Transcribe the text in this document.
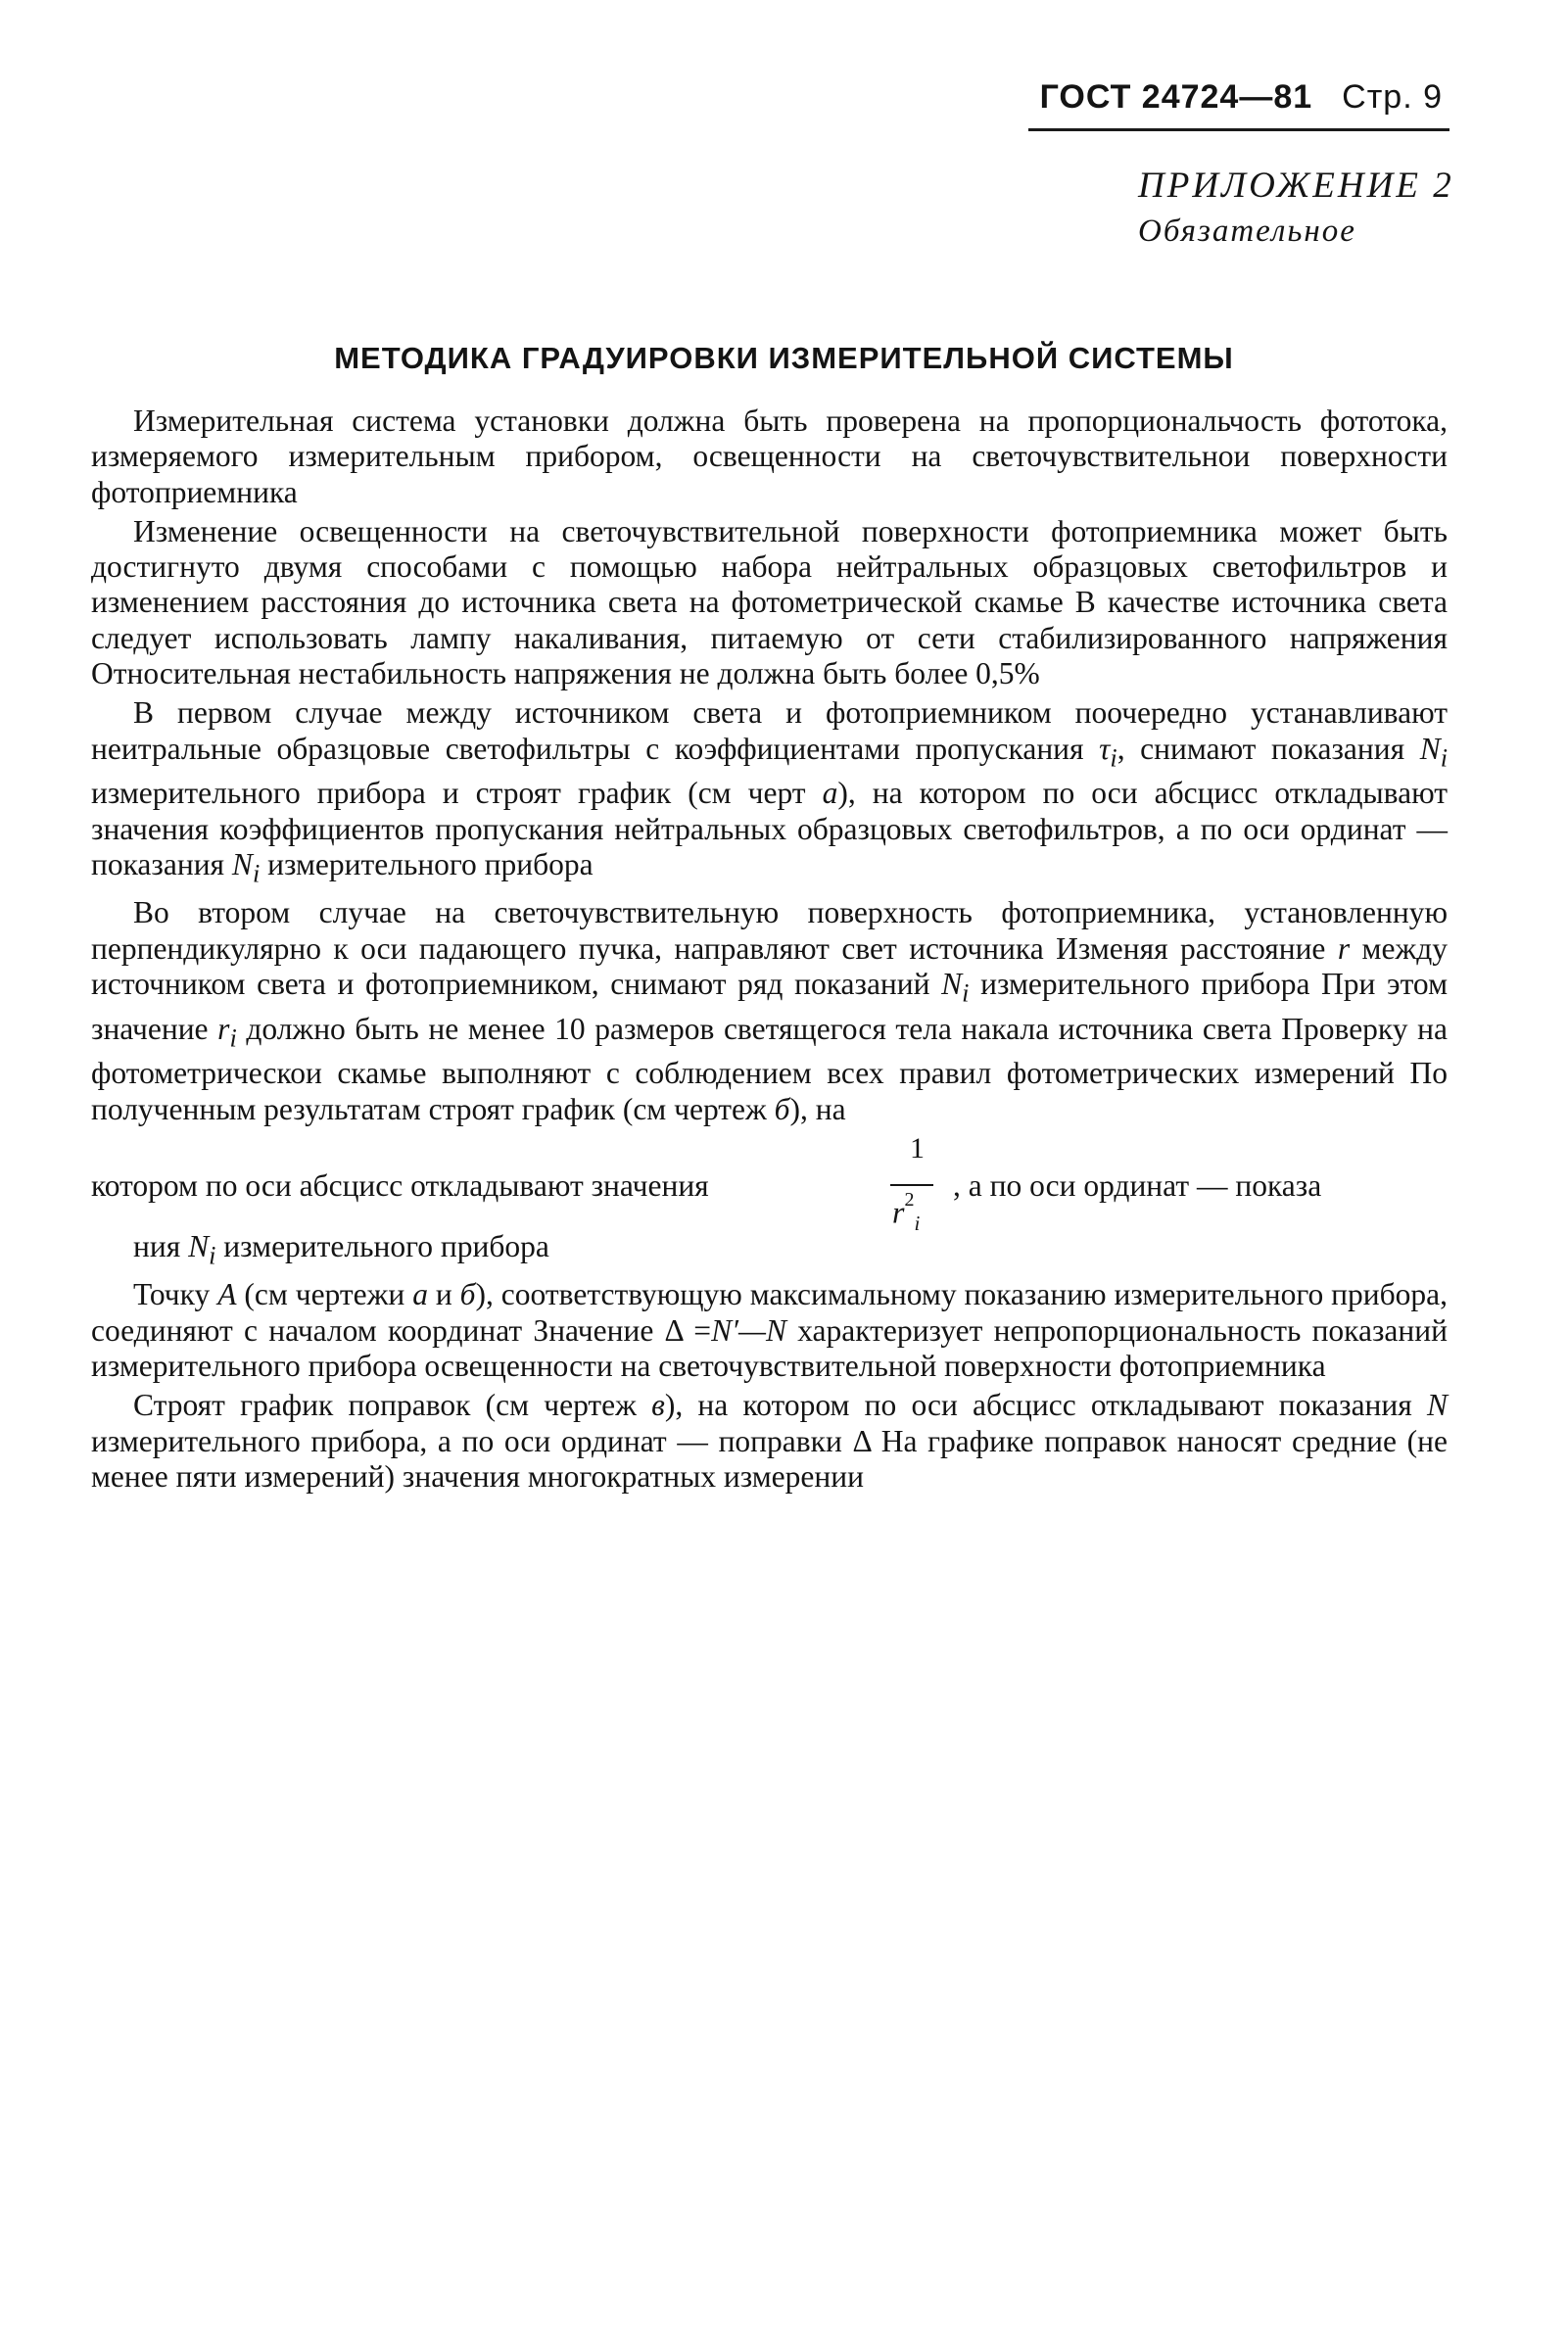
ГОСТ 24724—81 Стр. 9
ПРИЛОЖЕНИЕ 2
Обязательное
МЕТОДИКА ГРАДУИРОВКИ ИЗМЕРИТЕЛЬНОЙ СИСТЕМЫ

Измерительная система установки должна быть проверена на пропорциональчость фототока, измеряемого измерительным прибором, освещенности на светочувствительнои поверхности фотоприемника

Изменение освещенности на светочувствительной поверхности фотоприемника может быть достигнуто двумя способами с помощью набора нейтральных образцовых светофильтров и изменением расстояния до источника света на фотометрической скамье В качестве источника света следует использовать лампу накаливания, питаемую от сети стабилизированного напряжения Относительная нестабильность напряжения не должна быть более 0,5%

В первом случае между источником света и фотоприемником поочередно устанавливают неитральные образцовые светофильтры с коэффициентами пропускания $\tau_i$, снимают показания $N_i$ измерительного прибора и строят график (см черт а), на котором по оси абсцисс откладывают значения коэффициентов пропускания нейтральных образцовых светофильтров, а по оси ординат — показания $N_i$ измерительного прибора

Во втором случае на светочувствительную поверхность фотоприемника, установленную перпендикулярно к оси падающего пучка, направляют свет источника Изменяя расстояние r между источником света и фотоприемником, снимают ряд показаний $N_i$ измерительного прибора При этом значение $r_i$ должно быть не менее 10 размеров светящегося тела накала источника света Проверку на фотометрическои скамье выполняют с соблюдением всех правил фотометрических измерений По полученным результатам строят график (см чертеж б), на

котором по оси абсцисс откладывают значения
1
$r^2_i$
, а по оси ординат — показа

ния $N_i$ измерительного прибора

Точку А (см чертежи а и б), соответствующую максимальному показанию измерительного прибора, соединяют с началом координат Значение Δ =N′—N характеризует непропорциональность показаний измерительного прибора освещенности на светочувствительной поверхности фотоприемника

Строят график поправок (см чертеж в), на котором по оси абсцисс откладывают показания N измерительного прибора, а по оси ординат — поправки Δ На графике поправок наносят средние (не менее пяти измерений) значения многократных измерении
